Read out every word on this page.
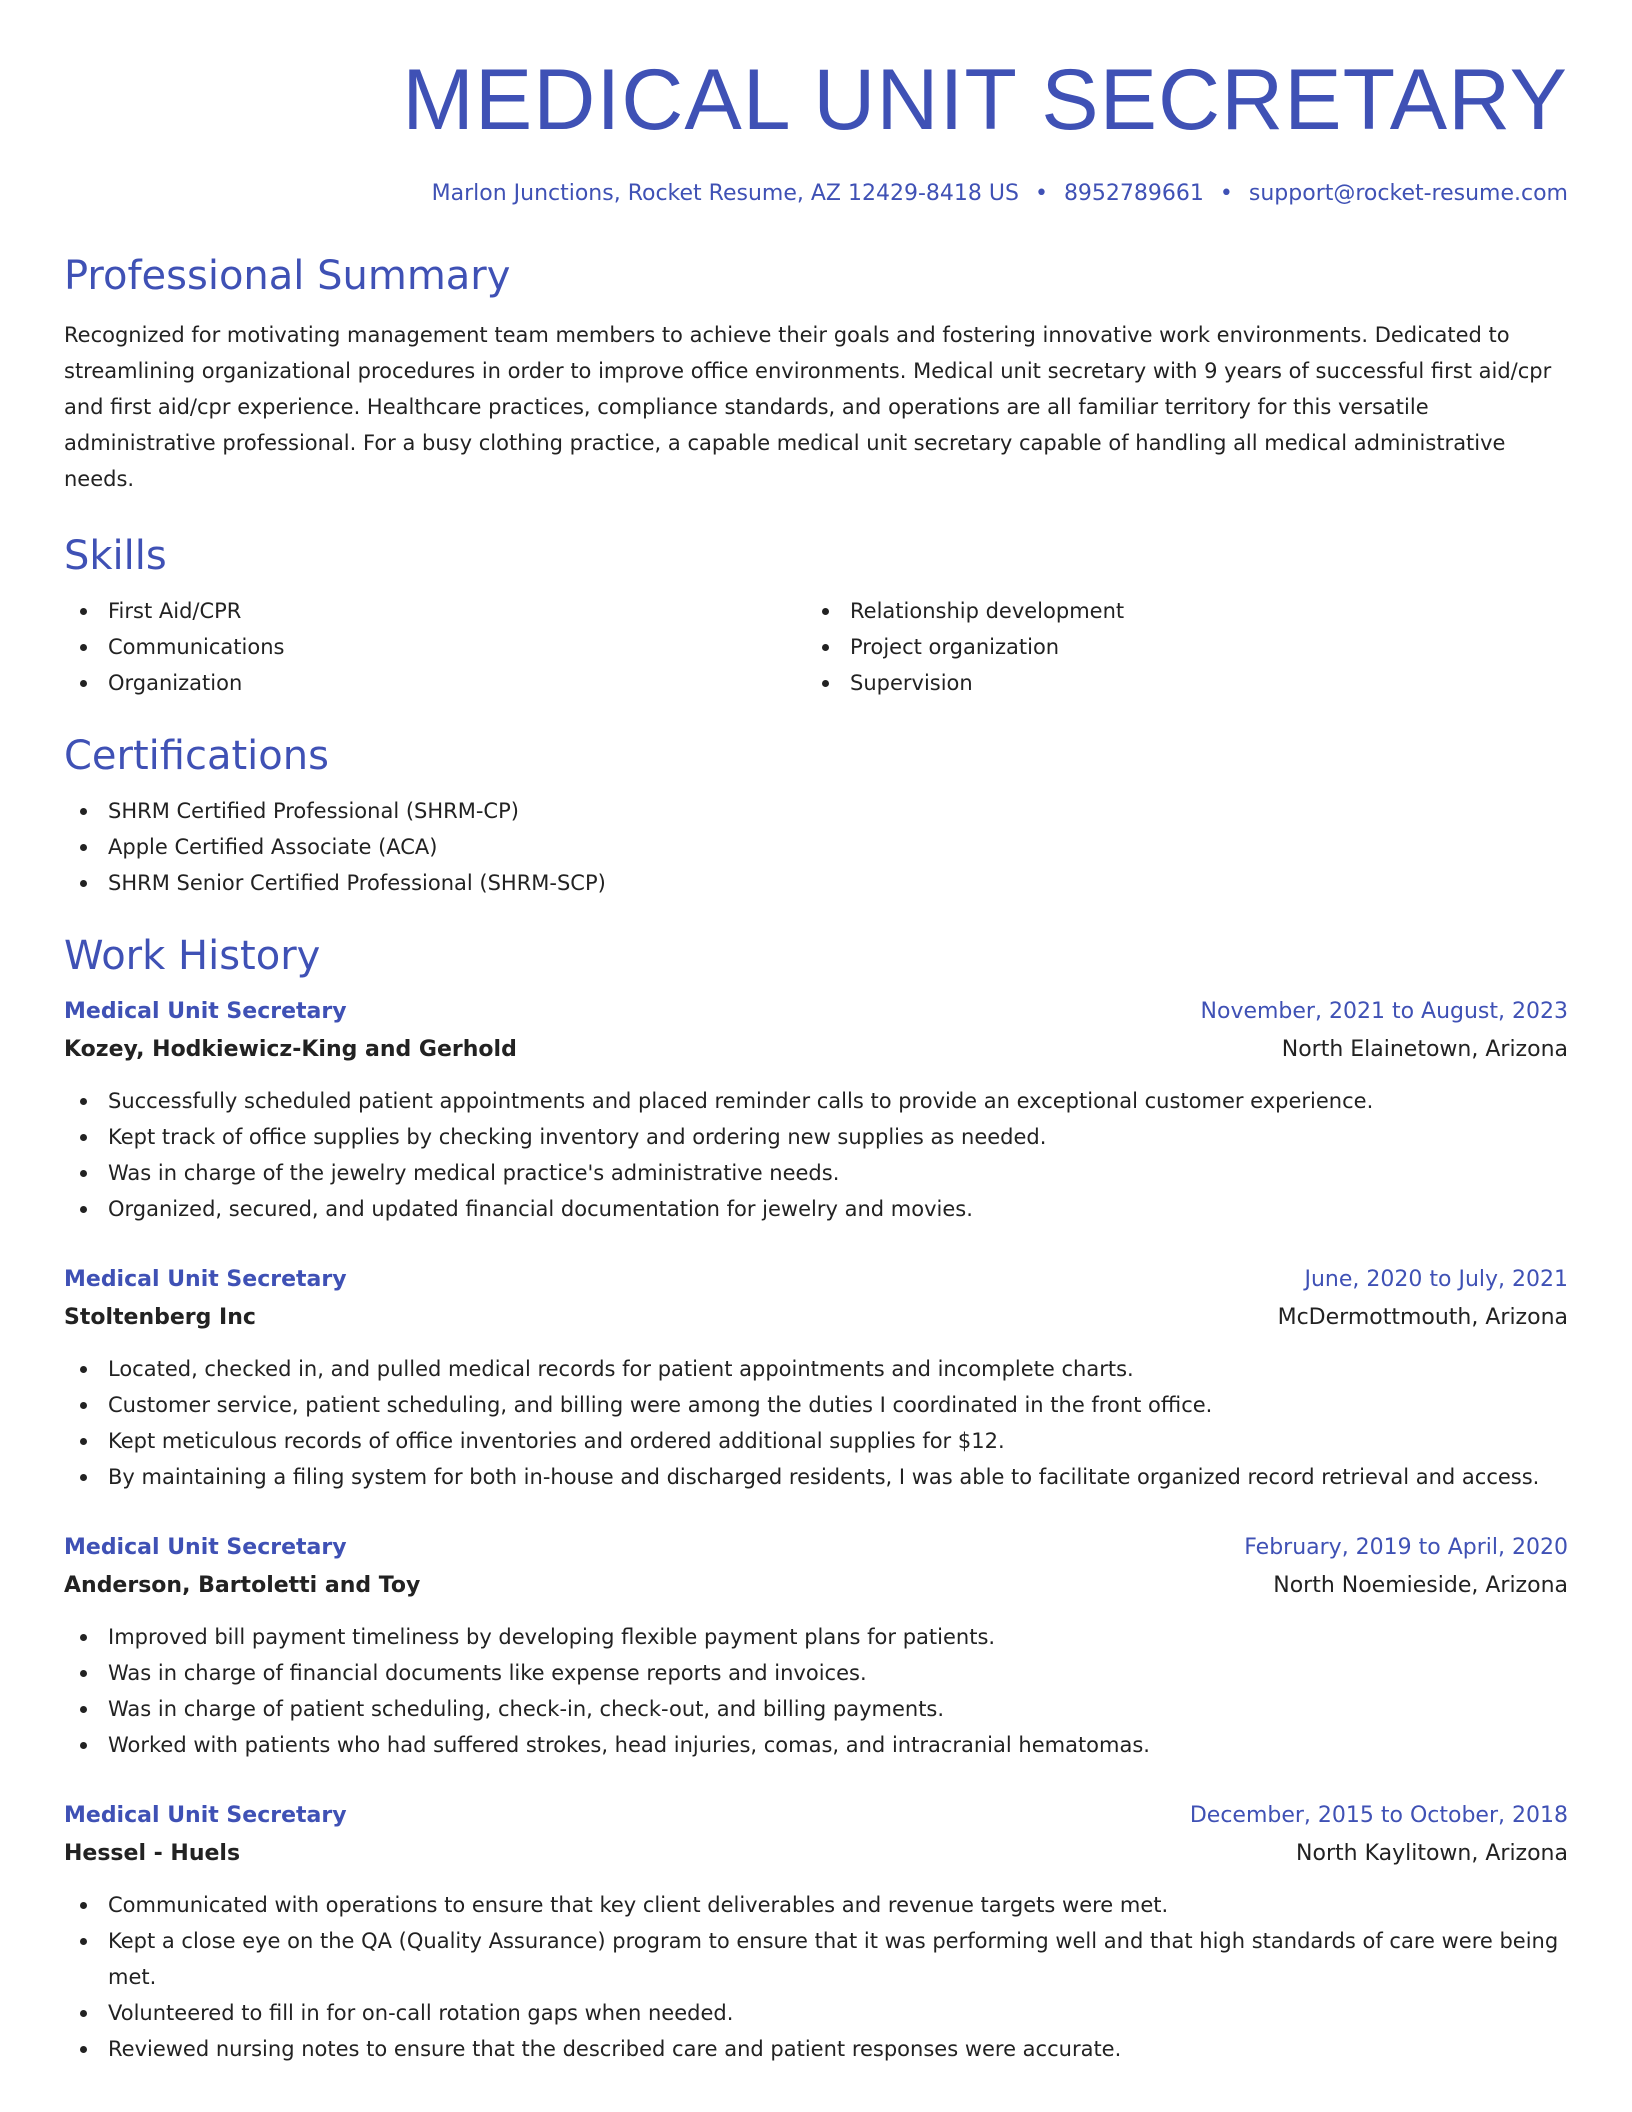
MEDICAL UNIT SECRETARY
Marlon Junctions, Rocket Resume, AZ 12429-8418 US • 8952789661 • support@rocket-resume.com
Professional Summary

Recognized for motivating management team members to achieve their goals and fostering innovative work environments. Dedicated to streamlining organizational procedures in order to improve office environments. Medical unit secretary with 9 years of successful first aid/cpr and first aid/cpr experience. Healthcare practices, compliance standards, and operations are all familiar territory for this versatile administrative professional. For a busy clothing practice, a capable medical unit secretary capable of handling all medical administrative needs.

Skills
First Aid/CPR
Communications
Organization
Relationship development
Project organization
Supervision
Certifications
SHRM Certified Professional (SHRM-CP)
Apple Certified Associate (ACA)
SHRM Senior Certified Professional (SHRM-SCP)
Work History
Medical Unit Secretary	November, 2021 to August, 2023
Kozey, Hodkiewicz-King and Gerhold	North Elainetown, Arizona
Successfully scheduled patient appointments and placed reminder calls to provide an exceptional customer experience.
Kept track of office supplies by checking inventory and ordering new supplies as needed.
Was in charge of the jewelry medical practice's administrative needs.
Organized, secured, and updated financial documentation for jewelry and movies.
Medical Unit Secretary	June, 2020 to July, 2021
Stoltenberg Inc	McDermottmouth, Arizona
Located, checked in, and pulled medical records for patient appointments and incomplete charts.
Customer service, patient scheduling, and billing were among the duties I coordinated in the front office.
Kept meticulous records of office inventories and ordered additional supplies for $12.
By maintaining a filing system for both in-house and discharged residents, I was able to facilitate organized record retrieval and access.
Medical Unit Secretary	February, 2019 to April, 2020
Anderson, Bartoletti and Toy	North Noemieside, Arizona
Improved bill payment timeliness by developing flexible payment plans for patients.
Was in charge of financial documents like expense reports and invoices.
Was in charge of patient scheduling, check-in, check-out, and billing payments.
Worked with patients who had suffered strokes, head injuries, comas, and intracranial hematomas.
Medical Unit Secretary	December, 2015 to October, 2018
Hessel - Huels	North Kaylitown, Arizona
Communicated with operations to ensure that key client deliverables and revenue targets were met.
Kept a close eye on the QA (Quality Assurance) program to ensure that it was performing well and that high standards of care were being met.
Volunteered to fill in for on-call rotation gaps when needed.
Reviewed nursing notes to ensure that the described care and patient responses were accurate.
